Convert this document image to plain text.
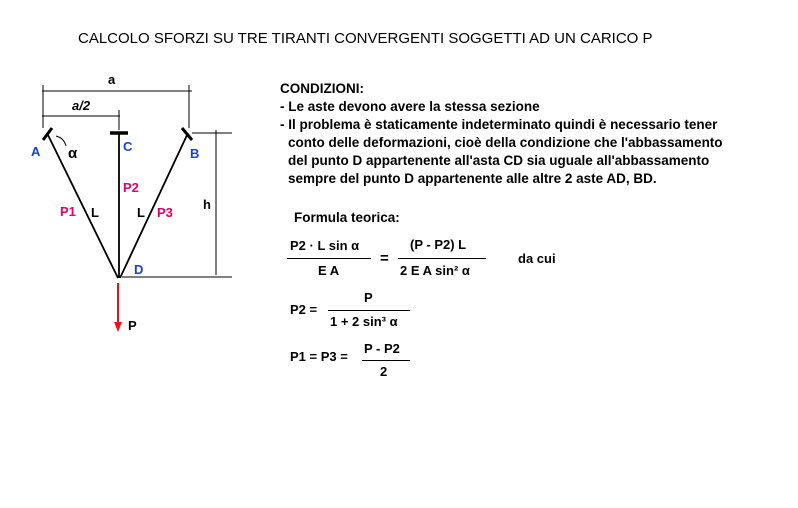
CALCOLO SFORZI SU TRE TIRANTI CONVERGENTI SOGGETTI AD UN CARICO P
a
a/2
h
α
A	C	B
D
P1
P2
P3
L	L
P
CONDIZIONI:
- Le aste devono avere la stessa sezione
- Il problema è staticamente indeterminato quindi è necessario tener
conto delle deformazioni, cioè della condizione che l'abbassamento
del punto D appartenente all'asta CD sia uguale all'abbassamento
sempre del punto D appartenente alle altre 2 aste AD, BD.
Formula teorica:
P2 · L sin α
E A
=
(P - P2) L
2 E A sin² α
da cui
P2 =
P
1 + 2 sin³ α
P1 = P3 =
P - P2
2
